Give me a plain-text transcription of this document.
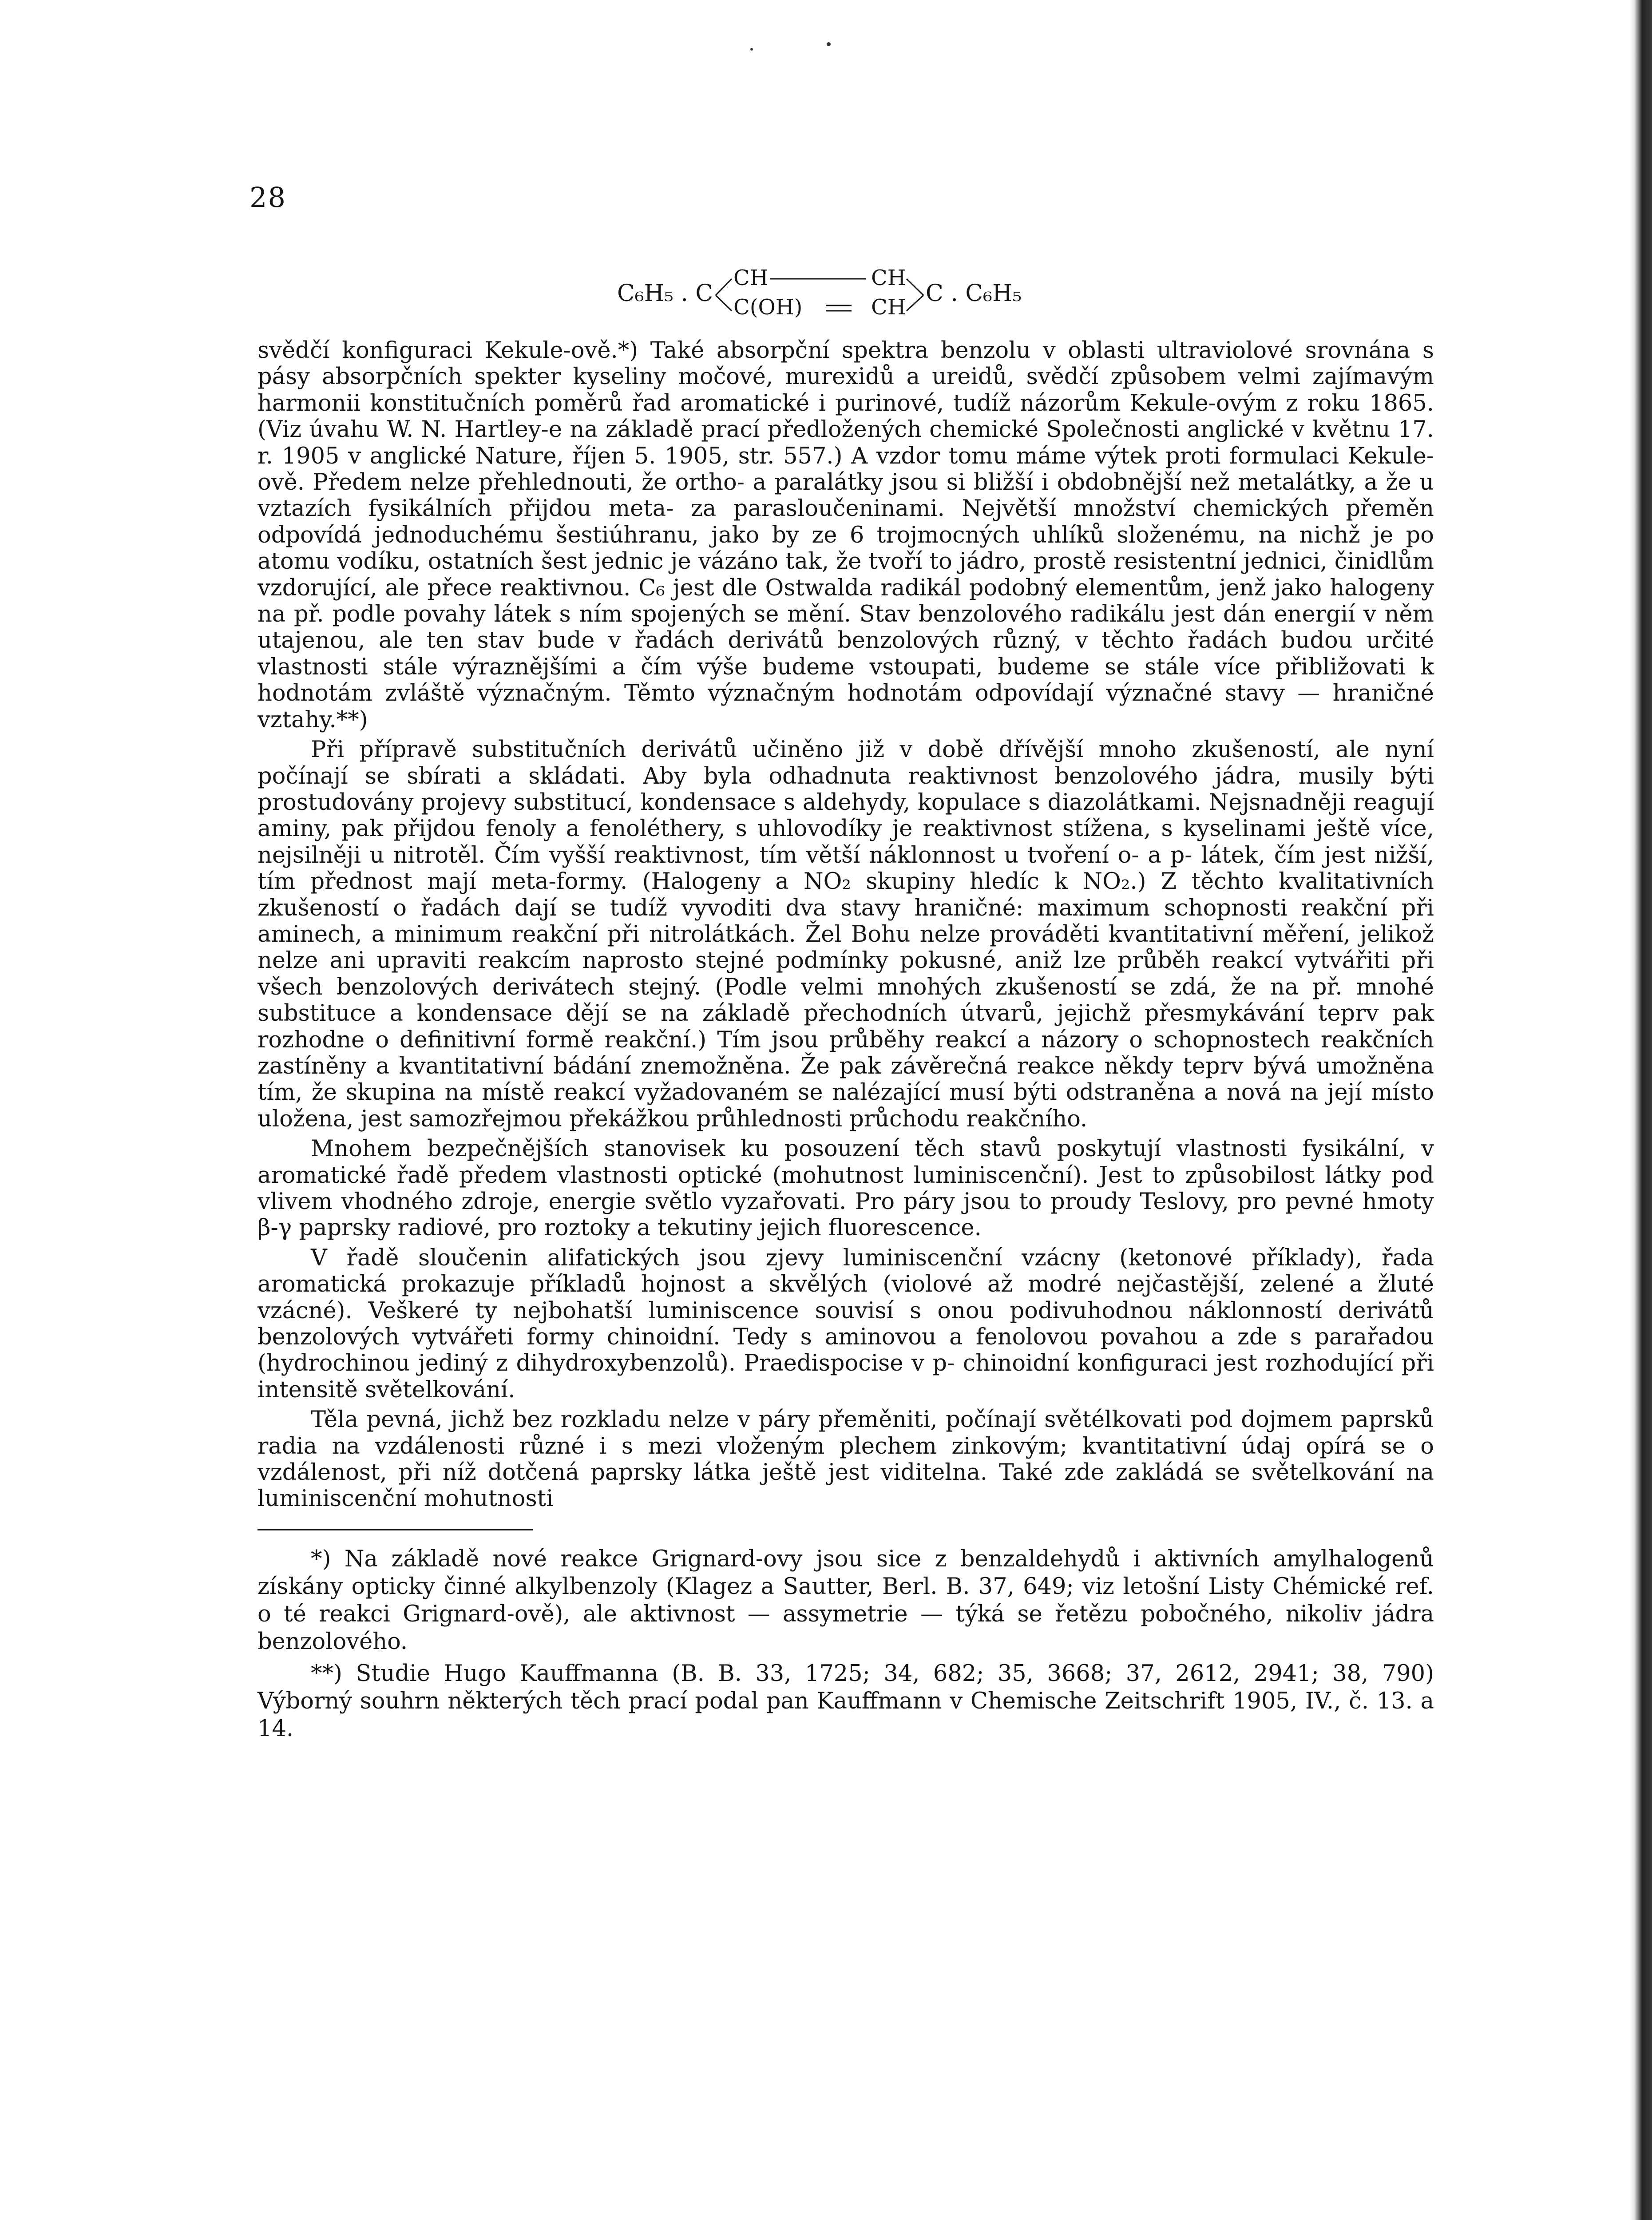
28
C₆H₅ . C
CH	CH
C(OH)	CH
C . C₆H₅

svědčí konfiguraci Kekule-ově.*) Také absorpční spektra benzolu v oblasti ultraviolové srovnána s pásy absorpčních spekter kyseliny močové, murexidů a ureidů, svědčí způsobem velmi zajímavým harmonii konstitučních poměrů řad aromatické i purinové, tudíž názorům Kekule-ovým z roku 1865. (Viz úvahu W. N. Hartley-e na základě prací předložených chemické Společnosti anglické v květnu 17. r. 1905 v anglické Nature, říjen 5. 1905, str. 557.) A vzdor tomu máme výtek proti formulaci Kekule-ově. Předem nelze přehlednouti, že ortho- a paralátky jsou si bližší i obdobnější než metalátky, a že u vztazích fysikálních přijdou meta- za parasloučeninami. Největší množství chemických přeměn odpovídá jednoduchému šestiúhranu, jako by ze 6 trojmocných uhlíků složenému, na nichž je po atomu vodíku, ostatních šest jednic je vázáno tak, že tvoří to jádro, prostě resistentní jednici, činidlům vzdorující, ale přece reaktivnou. C₆ jest dle Ostwalda radikál podobný elementům, jenž jako halogeny na př. podle povahy látek s ním spojených se mění. Stav benzolového radikálu jest dán energií v něm utajenou, ale ten stav bude v řadách derivátů benzolových různý, v těchto řadách budou určité vlastnosti stále výraznějšími a čím výše budeme vstoupati, budeme se stále více přibližovati k hodnotám zvláště význačným. Těmto význačným hodnotám odpovídají význačné stavy — hraničné vztahy.**)

Při přípravě substitučních derivátů učiněno již v době dřívější mnoho zkušeností, ale nyní počínají se sbírati a skládati. Aby byla odhadnuta reaktivnost benzolového jádra, musily býti prostudovány projevy substitucí, kondensace s aldehydy, kopulace s diazolátkami. Nejsnadněji reagují aminy, pak přijdou fenoly a fenoléthery, s uhlovodíky je reaktivnost stížena, s kyselinami ještě více, nejsilněji u nitrotěl. Čím vyšší reaktivnost, tím větší náklonnost u tvoření o- a p- látek, čím jest nižší, tím přednost mají meta-formy. (Halogeny a NO₂ skupiny hledíc k NO₂.) Z těchto kvalitativních zkušeností o řadách dají se tudíž vyvoditi dva stavy hraničné: maximum schopnosti reakční při aminech, a minimum reakční při nitrolátkách. Žel Bohu nelze prováděti kvantitativní měření, jelikož nelze ani upraviti reakcím naprosto stejné podmínky pokusné, aniž lze průběh reakcí vytvářiti při všech benzolových derivátech stejný. (Podle velmi mnohých zkušeností se zdá, že na př. mnohé substituce a kondensace dějí se na základě přechodních útvarů, jejichž přesmykávání teprv pak rozhodne o definitivní formě reakční.) Tím jsou průběhy reakcí a názory o schopnostech reakčních zastíněny a kvantitativní bádání znemožněna. Že pak závěrečná reakce někdy teprv bývá umožněna tím, že skupina na místě reakcí vyžadovaném se nalézající musí býti odstraněna a nová na její místo uložena, jest samozřejmou překážkou průhlednosti průchodu reakčního.

Mnohem bezpečnějších stanovisek ku posouzení těch stavů poskytují vlastnosti fysikální, v aromatické řadě předem vlastnosti optické (mohutnost luminiscenční). Jest to způsobilost látky pod vlivem vhodného zdroje, energie světlo vyzařovati. Pro páry jsou to proudy Teslovy, pro pevné hmoty β-γ paprsky radiové, pro roztoky a tekutiny jejich fluorescence.

V řadě sloučenin alifatických jsou zjevy luminiscenční vzácny (ketonové příklady), řada aromatická prokazuje příkladů hojnost a skvělých (violové až modré nejčastější, zelené a žluté vzácné). Veškeré ty nejbohatší luminiscence souvisí s onou podivuhodnou náklonností derivátů benzolových vytvářeti formy chinoidní. Tedy s aminovou a fenolovou povahou a zde s parařadou (hydrochinou jediný z dihydroxybenzolů). Praedispocise v p- chinoidní konfiguraci jest rozhodující při intensitě světelkování.

Těla pevná, jichž bez rozkladu nelze v páry přeměniti, počínají světélkovati pod dojmem paprsků radia na vzdálenosti různé i s mezi vloženým plechem zinkovým; kvantitativní údaj opírá se o vzdálenost, při níž dotčená paprsky látka ještě jest viditelna. Také zde zakládá se světelkování na luminiscenční mohutnosti

*) Na základě nové reakce Grignard-ovy jsou sice z benzaldehydů i aktivních amylhalogenů získány opticky činné alkylbenzoly (Klagez a Sautter, Berl. B. 37, 649; viz letošní Listy Chémické ref. o té reakci Grignard-ově), ale aktivnost — assymetrie — týká se řetězu pobočného, nikoliv jádra benzolového.

**) Studie Hugo Kauffmanna (B. B. 33, 1725; 34, 682; 35, 3668; 37, 2612, 2941; 38, 790) Výborný souhrn některých těch prací podal pan Kauffmann v Chemische Zeitschrift 1905, IV., č. 13. a 14.
